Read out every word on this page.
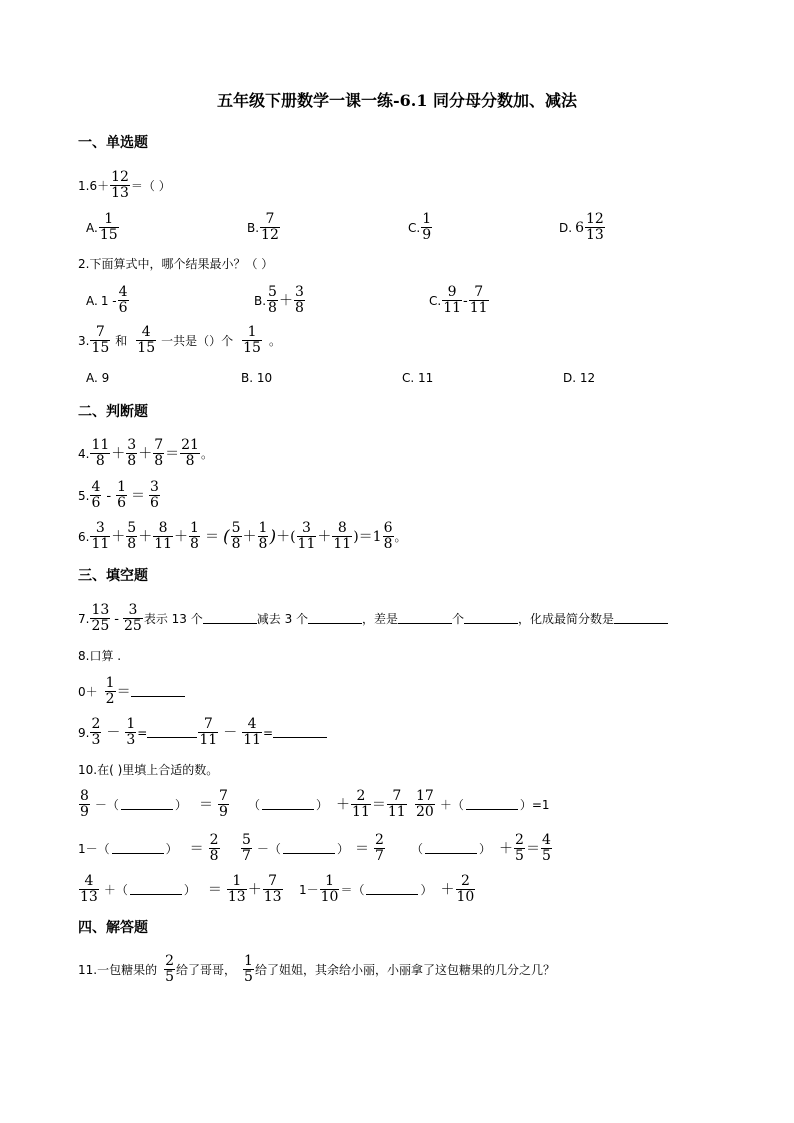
五年级下册数学一课一练-6.1 同分母分数加、减法
一、单选题
1. 6＋
12
13 ＝（ ）
A.
1
15	B.
7
12	C.
1
9	D. 6
12
13
2.下面算式中，哪个结果最小？（ ）
A. 1 -
4
6	B.
5
8 ＋
3
8	C.
9
11 -
7
11
3.
7
15 和
4
15 一共是（）个
1
15 。
A. 9	B. 10	C. 11	D. 12
二、判断题
4.
11
8 ＋
3
8 ＋
7
8 ＝
21
8 。
5.
4
6 -
1
6 ＝
3
6
6.
3
11 ＋
5
8 ＋
8
11 ＋
1
8 ＝ ( 5
8 ＋
1
8 ) ＋(
3
11 ＋
8
11 )＝ 1
6
8 。
三、填空题
7.
13
25 -
3
25 表示 13 个	减去 3 个	，差是	个	，化成最简分数是
8.口算 .
0＋
1
2 ＝
9.
2
$3 - \frac{1}{3}$ =
7
$11 - \frac{4}{11}$ =
10.在( )里填上合适的数。
8
9 －（	） ＝
7
9 （	） ＋
2
11 ＝
7
11
17
20 ＋（	） =1
1－（	） ＝
2
8
5
7 －（	） ＝
2
7 （	） ＋
2
5 ＝
4
5
4
13 ＋（	） ＝
1
13 ＋
7
13 1－
1
10 ＝（	） ＋
2
10
四、解答题
11.一包糖果的
2
5 给了哥哥，
1
5 给了姐姐，其余给小丽，小丽拿了这包糖果的几分之几？
